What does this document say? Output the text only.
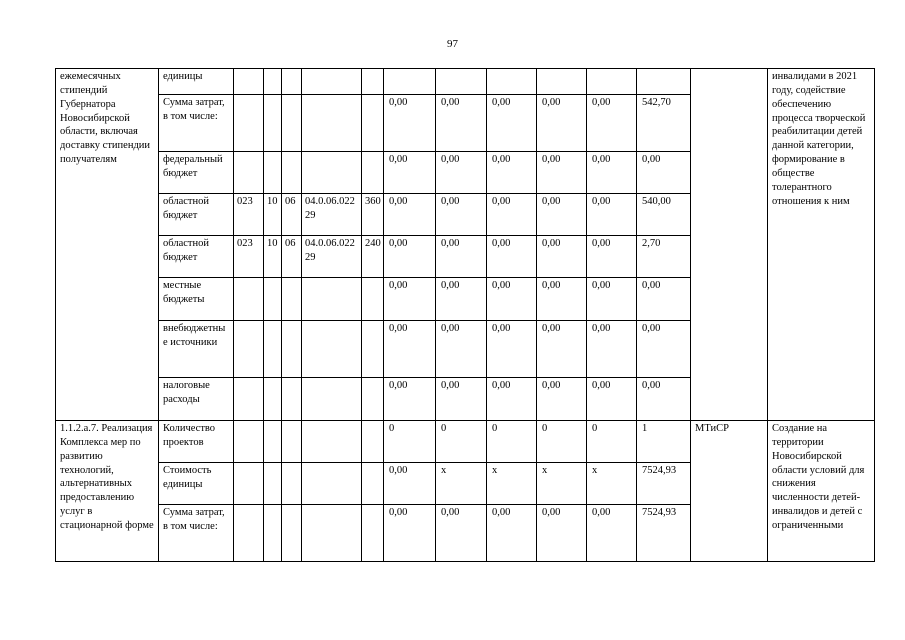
97
ежемесячных стипендий Губернатора Новосибирской области, включая доставку стипендии получателям	единицы													инвалидами в 2021 году, содействие обеспечению процесса творческой реабилитации детей данной категории, формирование в обществе толерантного отношения к ним
	Сумма затрат, в том числе:						0,00	0,00	0,00	0,00	0,00	542,70		
	федеральный бюджет						0,00	0,00	0,00	0,00	0,00	0,00		
	областной бюджет	023	10	06	04.0.06.02229	360	0,00	0,00	0,00	0,00	0,00	540,00		
	областной бюджет	023	10	06	04.0.06.02229	240	0,00	0,00	0,00	0,00	0,00	2,70		
	местные бюджеты						0,00	0,00	0,00	0,00	0,00	0,00		
	внебюджетные источники						0,00	0,00	0,00	0,00	0,00	0,00		
	налоговые расходы						0,00	0,00	0,00	0,00	0,00	0,00		
1.1.2.а.7. Реализация Комплекса мер по развитию технологий, альтернативных предоставлению услуг в стационарной форме	Количество проектов						0	0	0	0	0	1	МТиСР	Создание на территории Новосибирской области условий для снижения численности детей-инвалидов и детей с ограниченными
	Стоимость единицы						0,00	x	x	x	x	7524,93		
	Сумма затрат, в том числе:						0,00	0,00	0,00	0,00	0,00	7524,93		
